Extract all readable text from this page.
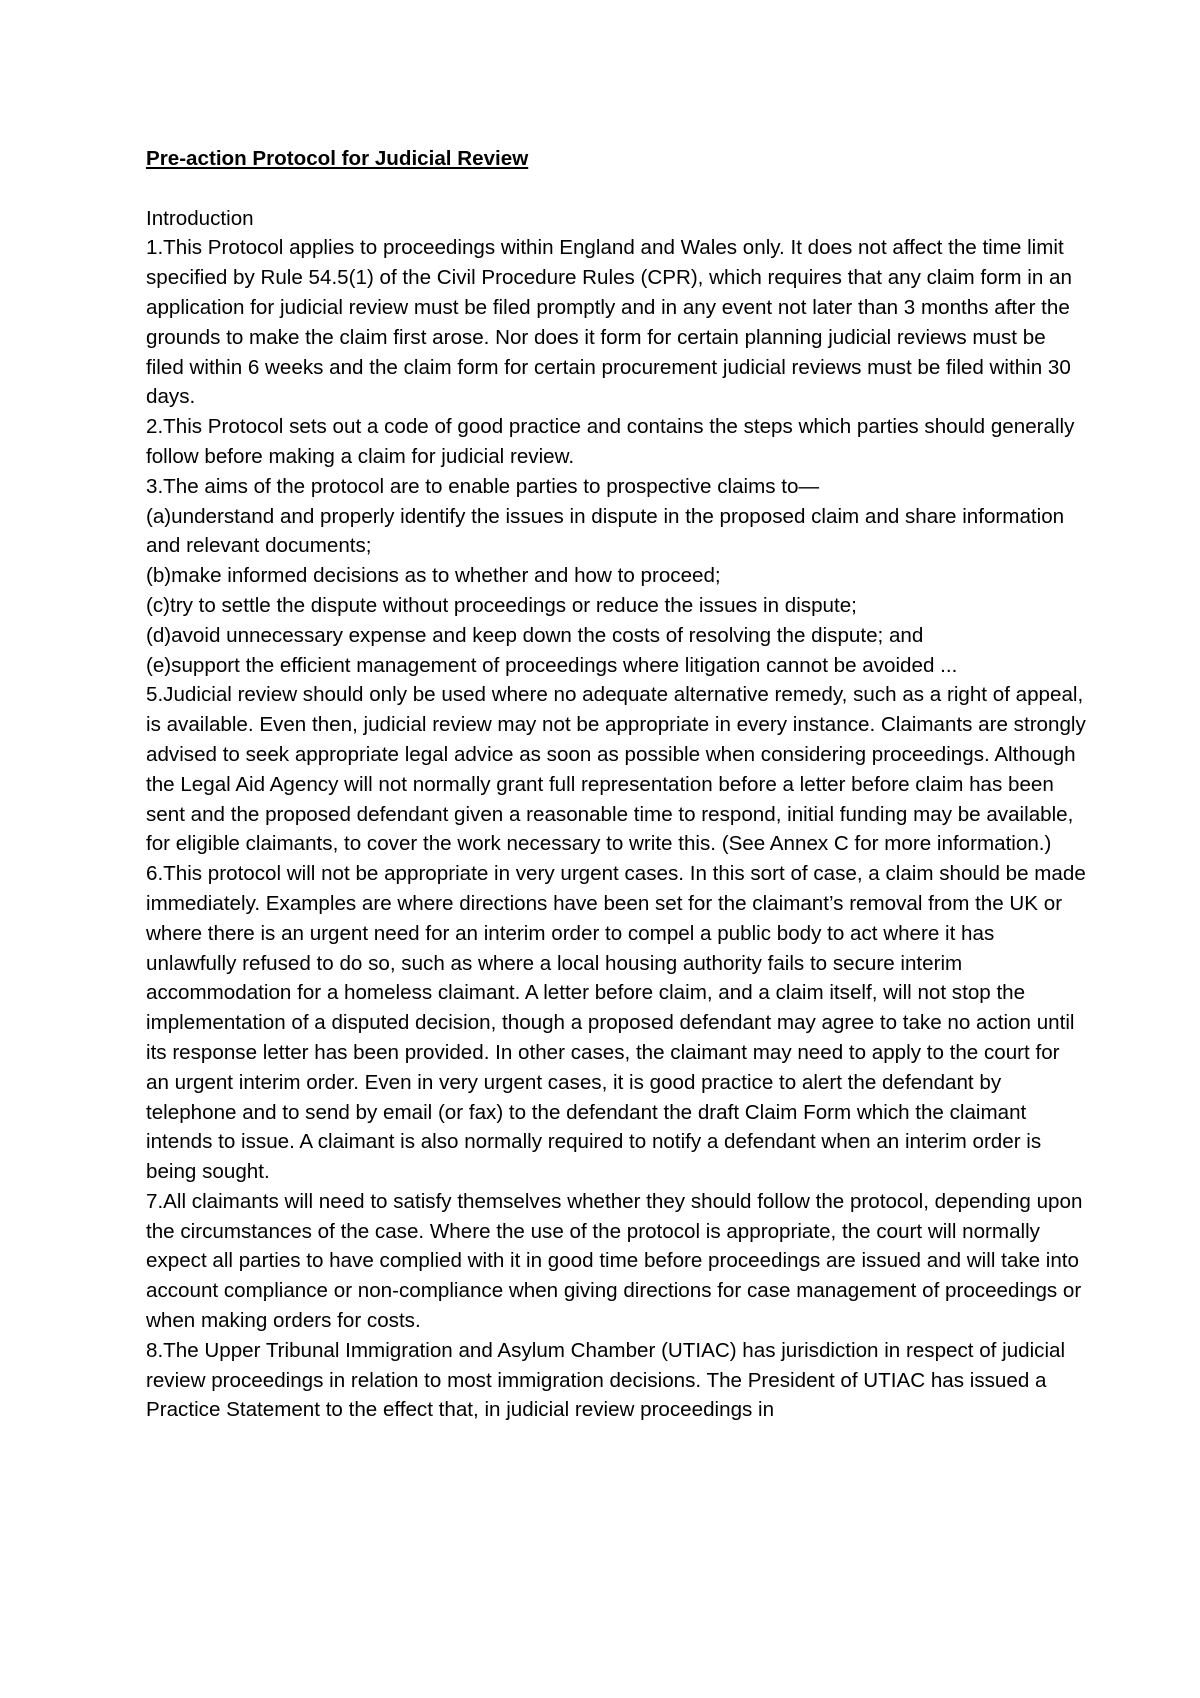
Pre-action Protocol for Judicial Review

Introduction

1.This Protocol applies to proceedings within England and Wales only. It does not affect the time limit specified by Rule 54.5(1) of the Civil Procedure Rules (CPR), which requires that any claim form in an application for judicial review must be filed promptly and in any event not later than 3 months after the grounds to make the claim first arose. Nor does it form for certain planning judicial reviews must be filed within 6 weeks and the claim form for certain procurement judicial reviews must be filed within 30 days.

2.This Protocol sets out a code of good practice and contains the steps which parties should generally follow before making a claim for judicial review.

3.The aims of the protocol are to enable parties to prospective claims to—

(a)understand and properly identify the issues in dispute in the proposed claim and share information and relevant documents;

(b)make informed decisions as to whether and how to proceed;

(c)try to settle the dispute without proceedings or reduce the issues in dispute;

(d)avoid unnecessary expense and keep down the costs of resolving the dispute; and

(e)support the efficient management of proceedings where litigation cannot be avoided ...

5.Judicial review should only be used where no adequate alternative remedy, such as a right of appeal, is available. Even then, judicial review may not be appropriate in every instance. Claimants are strongly advised to seek appropriate legal advice as soon as possible when considering proceedings. Although the Legal Aid Agency will not normally grant full representation before a letter before claim has been sent and the proposed defendant given a reasonable time to respond, initial funding may be available, for eligible claimants, to cover the work necessary to write this. (See Annex C for more information.)

6.This protocol will not be appropriate in very urgent cases. In this sort of case, a claim should be made immediately. Examples are where directions have been set for the claimant’s removal from the UK or where there is an urgent need for an interim order to compel a public body to act where it has unlawfully refused to do so, such as where a local housing authority fails to secure interim accommodation for a homeless claimant. A letter before claim, and a claim itself, will not stop the implementation of a disputed decision, though a proposed defendant may agree to take no action until its response letter has been provided. In other cases, the claimant may need to apply to the court for an urgent interim order. Even in very urgent cases, it is good practice to alert the defendant by telephone and to send by email (or fax) to the defendant the draft Claim Form which the claimant intends to issue. A claimant is also normally required to notify a defendant when an interim order is being sought.

7.All claimants will need to satisfy themselves whether they should follow the protocol, depending upon the circumstances of the case. Where the use of the protocol is appropriate, the court will normally expect all parties to have complied with it in good time before proceedings are issued and will take into account compliance or non-compliance when giving directions for case management of proceedings or when making orders for costs.

8.The Upper Tribunal Immigration and Asylum Chamber (UTIAC) has jurisdiction in respect of judicial review proceedings in relation to most immigration decisions. The President of UTIAC has issued a Practice Statement to the effect that, in judicial review proceedings in
